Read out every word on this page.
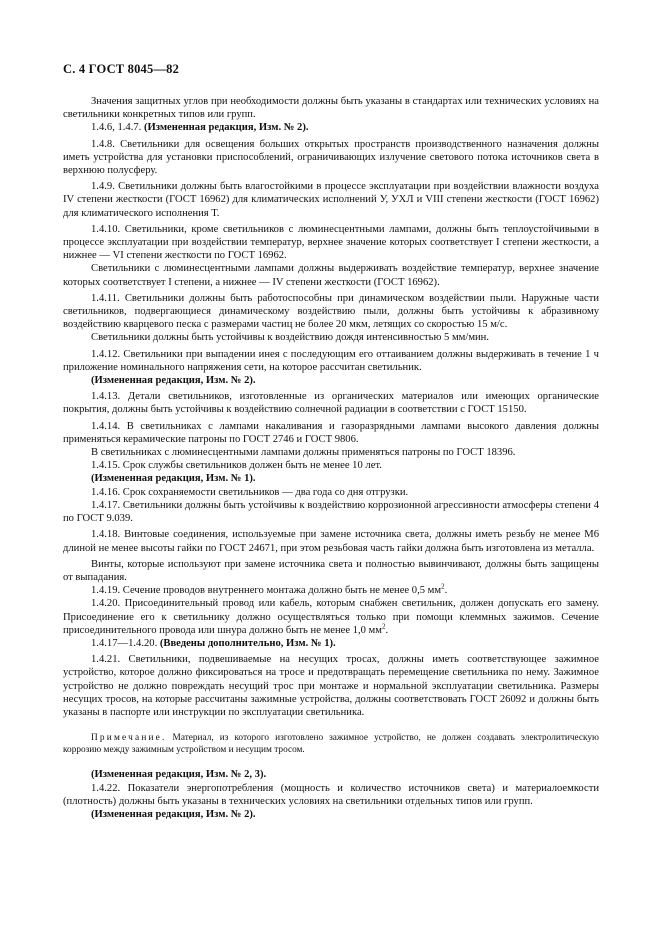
С. 4 ГОСТ 8045—82

Значения защитных углов при необходимости должны быть указаны в стандартах или технических условиях на светильники конкретных типов или групп.

1.4.6, 1.4.7. (Измененная редакция, Изм. № 2).

1.4.8. Светильники для освещения больших открытых пространств производственного назначения должны иметь устройства для установки приспособлений, ограничивающих излучение светового потока источников света в верхнюю полусферу.

1.4.9. Светильники должны быть влагостойкими в процессе эксплуатации при воздействии влажности воздуха IV степени жесткости (ГОСТ 16962) для климатических исполнений У, УХЛ и VIII степени жесткости (ГОСТ 16962) для климатического исполнения Т.

1.4.10. Светильники, кроме светильников с люминесцентными лампами, должны быть теплоустойчивыми в процессе эксплуатации при воздействии температур, верхнее значение которых соответствует I степени жесткости, а нижнее — VI степени жесткости по ГОСТ 16962.

Светильники с люминесцентными лампами должны выдерживать воздействие температур, верхнее значение которых соответствует I степени, а нижнее — IV степени жесткости (ГОСТ 16962).

1.4.11. Светильники должны быть работоспособны при динамическом воздействии пыли. Наружные части светильников, подвергающиеся динамическому воздействию пыли, должны быть устойчивы к абразивному воздействию кварцевого песка с размерами частиц не более 20 мкм, летящих со скоростью 15 м/с.

Светильники должны быть устойчивы к воздействию дождя интенсивностью 5 мм/мин.

1.4.12. Светильники при выпадении инея с последующим его оттаиванием должны выдерживать в течение 1 ч приложение номинального напряжения сети, на которое рассчитан светильник.

(Измененная редакция, Изм. № 2).

1.4.13. Детали светильников, изготовленные из органических материалов или имеющих органические покрытия, должны быть устойчивы к воздействию солнечной радиации в соответствии с ГОСТ 15150.

1.4.14. В светильниках с лампами накаливания и газоразрядными лампами высокого давления должны применяться керамические патроны по ГОСТ 2746 и ГОСТ 9806.

В светильниках с люминесцентными лампами должны применяться патроны по ГОСТ 18396.

1.4.15. Срок службы светильников должен быть не менее 10 лет.

(Измененная редакция, Изм. № 1).

1.4.16. Срок сохраняемости светильников — два года со дня отгрузки.

1.4.17. Светильники должны быть устойчивы к воздействию коррозионной агрессивности атмосферы степени 4 по ГОСТ 9.039.

1.4.18. Винтовые соединения, используемые при замене источника света, должны иметь резьбу не менее М6 длиной не менее высоты гайки по ГОСТ 24671, при этом резьбовая часть гайки должна быть изготовлена из металла.

Винты, которые используют при замене источника света и полностью вывинчивают, должны быть защищены от выпадания.

1.4.19. Сечение проводов внутреннего монтажа должно быть не менее 0,5 $мм^2$.

1.4.20. Присоединительный провод или кабель, которым снабжен светильник, должен допускать его замену. Присоединение его к светильнику должно осуществляться только при помощи клеммных зажимов. Сечение присоединительного провода или шнура должно быть не менее 1,0 $мм^2$.

1.4.17—1.4.20. (Введены дополнительно, Изм. № 1).

1.4.21. Светильники, подвешиваемые на несущих тросах, должны иметь соответствующее зажимное устройство, которое должно фиксироваться на тросе и предотвращать перемещение светильника по нему. Зажимное устройство не должно повреждать несущий трос при монтаже и нормальной эксплуатации светильника. Размеры несущих тросов, на которые рассчитаны зажимные устройства, должны соответствовать ГОСТ 26092 и должны быть указаны в паспорте или инструкции по эксплуатации светильника.

Примечание. Материал, из которого изготовлено зажимное устройство, не должен создавать электролитическую коррозию между зажимным устройством и несущим тросом.

(Измененная редакция, Изм. № 2, 3).

1.4.22. Показатели энергопотребления (мощность и количество источников света) и материалоемкости (плотность) должны быть указаны в технических условиях на светильники отдельных типов или групп.

(Измененная редакция, Изм. № 2).
